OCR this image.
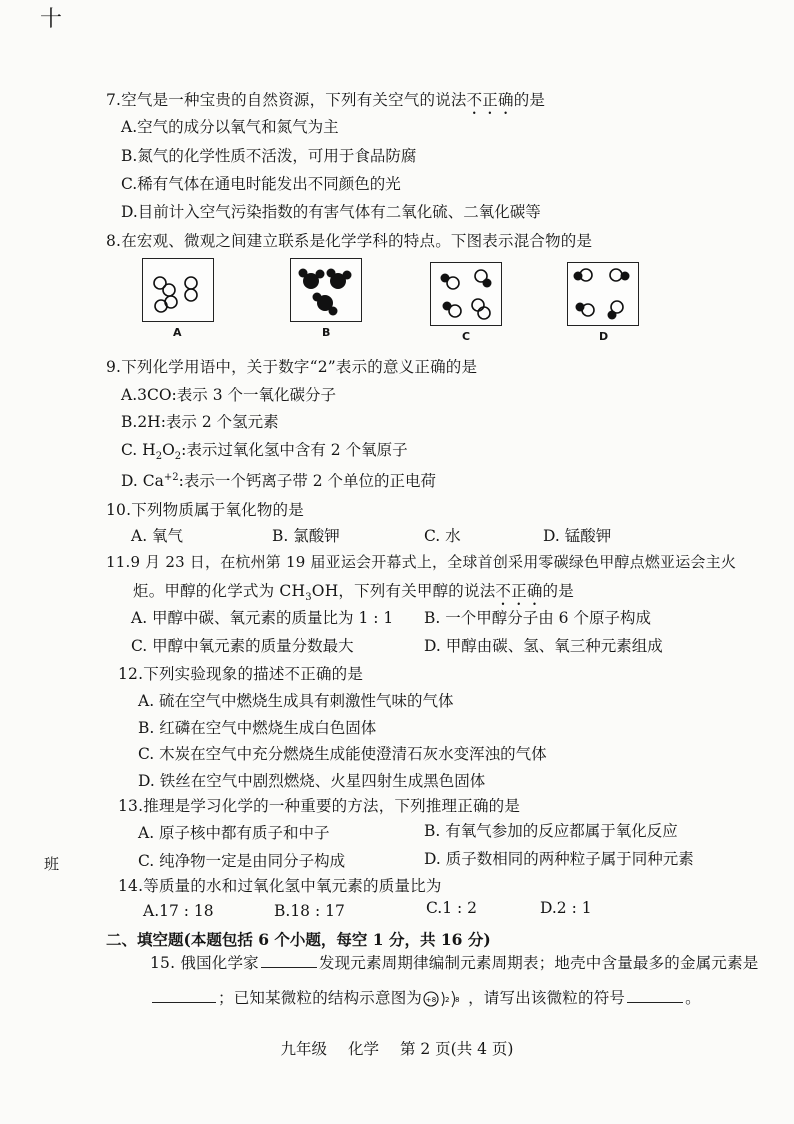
十
班
7.空气是一种宝贵的自然资源，下列有关空气的说法不正确的是
A.空气的成分以氧气和氮气为主
B.氮气的化学性质不活泼，可用于食品防腐
C.稀有气体在通电时能发出不同颜色的光
D.目前计入空气污染指数的有害气体有二氧化硫、二氧化碳等
8.在宏观、微观之间建立联系是化学学科的特点。下图表示混合物的是
A	B	C	D
9.下列化学用语中，关于数字“2”表示的意义正确的是
A.3CO:表示 3 个一氧化碳分子
B.2H:表示 2 个氢元素
C. $H_2O_2$:表示过氧化氢中含有 2 个氧原子
D. $Ca^{+2}$:表示一个钙离子带 2 个单位的正电荷
10.下列物质属于氧化物的是
A. 氧气	B. 氯酸钾	C. 水	D. 锰酸钾
11.9 月 23 日，在杭州第 19 届亚运会开幕式上，全球首创采用零碳绿色甲醇点燃亚运会主火
炬。甲醇的化学式为 $CH_3OH$，下列有关甲醇的说法不正确的是
A. 甲醇中碳、氧元素的质量比为 1 : 1 B. 一个甲醇分子由 6 个原子构成
C. 甲醇中氧元素的质量分数最大	D. 甲醇由碳、氢、氧三种元素组成
12.下列实验现象的描述不正确的是
A. 硫在空气中燃烧生成具有刺激性气味的气体
B. 红磷在空气中燃烧生成白色固体
C. 木炭在空气中充分燃烧生成能使澄清石灰水变浑浊的气体
D. 铁丝在空气中剧烈燃烧、火星四射生成黑色固体
13.推理是学习化学的一种重要的方法，下列推理正确的是
A. 原子核中都有质子和中子	B. 有氧气参加的反应都属于氧化反应
C. 纯净物一定是由同分子构成	D. 质子数相同的两种粒子属于同种元素
14.等质量的水和过氧化氢中氧元素的质量比为
A.17 : 18	B.18 : 17	C.1 : 2	D.2 : 1
二、填空题(本题包括 6 个小题，每空 1 分，共 16 分)
15. 俄国化学家	发现元素周期律编制元素周期表；地壳中含量最多的金属元素是
；已知某微粒的结构示意图为 +8 2 8 ，请写出该微粒的符号	。
九年级 化学 第 2 页(共 4 页)
